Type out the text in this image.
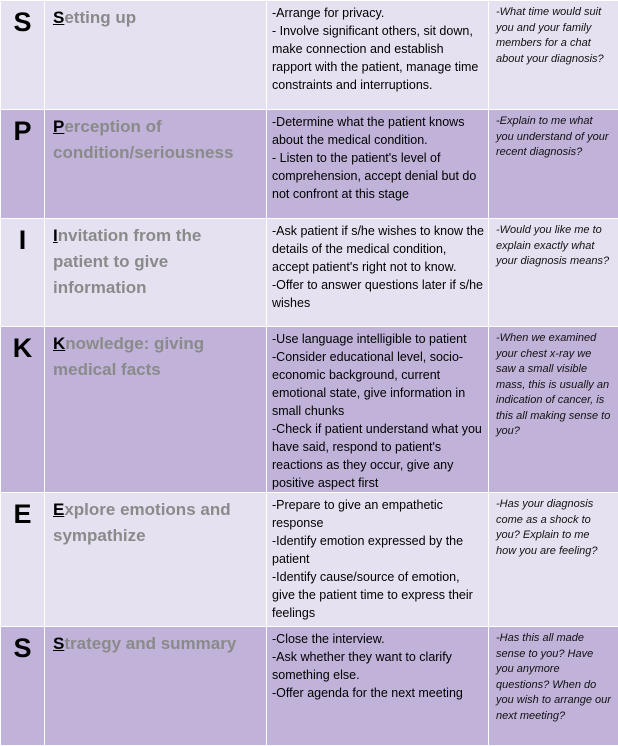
S	Setting up	-Arrange for privacy.
- Involve significant others, sit down, make connection and establish rapport with the patient, manage time constraints and interruptions.	-What time would suit you and your family members for a chat about your diagnosis?

P	Perception of condition/seriousness	-Determine what the patient knows about the medical condition.
- Listen to the patient's level of comprehension, accept denial but do not confront at this stage	-Explain to me what you understand of your recent diagnosis?

I	Invitation from the patient to give information	-Ask patient if s/he wishes to know the details of the medical condition, accept patient's right not to know.
-Offer to answer questions later if s/he wishes	-Would you like me to explain exactly what your diagnosis means?

K	Knowledge: giving medical facts	-Use language intelligible to patient
-Consider educational level, socio-economic background, current emotional state, give information in small chunks
-Check if patient understand what you have said, respond to patient's reactions as they occur, give any positive aspect first	-When we examined your chest x-ray we saw a small visible mass, this is usually an indication of cancer, is this all making sense to you?

E	Explore emotions and sympathize	-Prepare to give an empathetic response
-Identify emotion expressed by the patient
-Identify cause/source of emotion, give the patient time to express their feelings	-Has your diagnosis come as a shock to you? Explain to me how you are feeling?

S	Strategy and summary	-Close the interview.
-Ask whether they want to clarify something else.
-Offer agenda for the next meeting	-Has this all made sense to you? Have you anymore questions? When do you wish to arrange our next meeting?
